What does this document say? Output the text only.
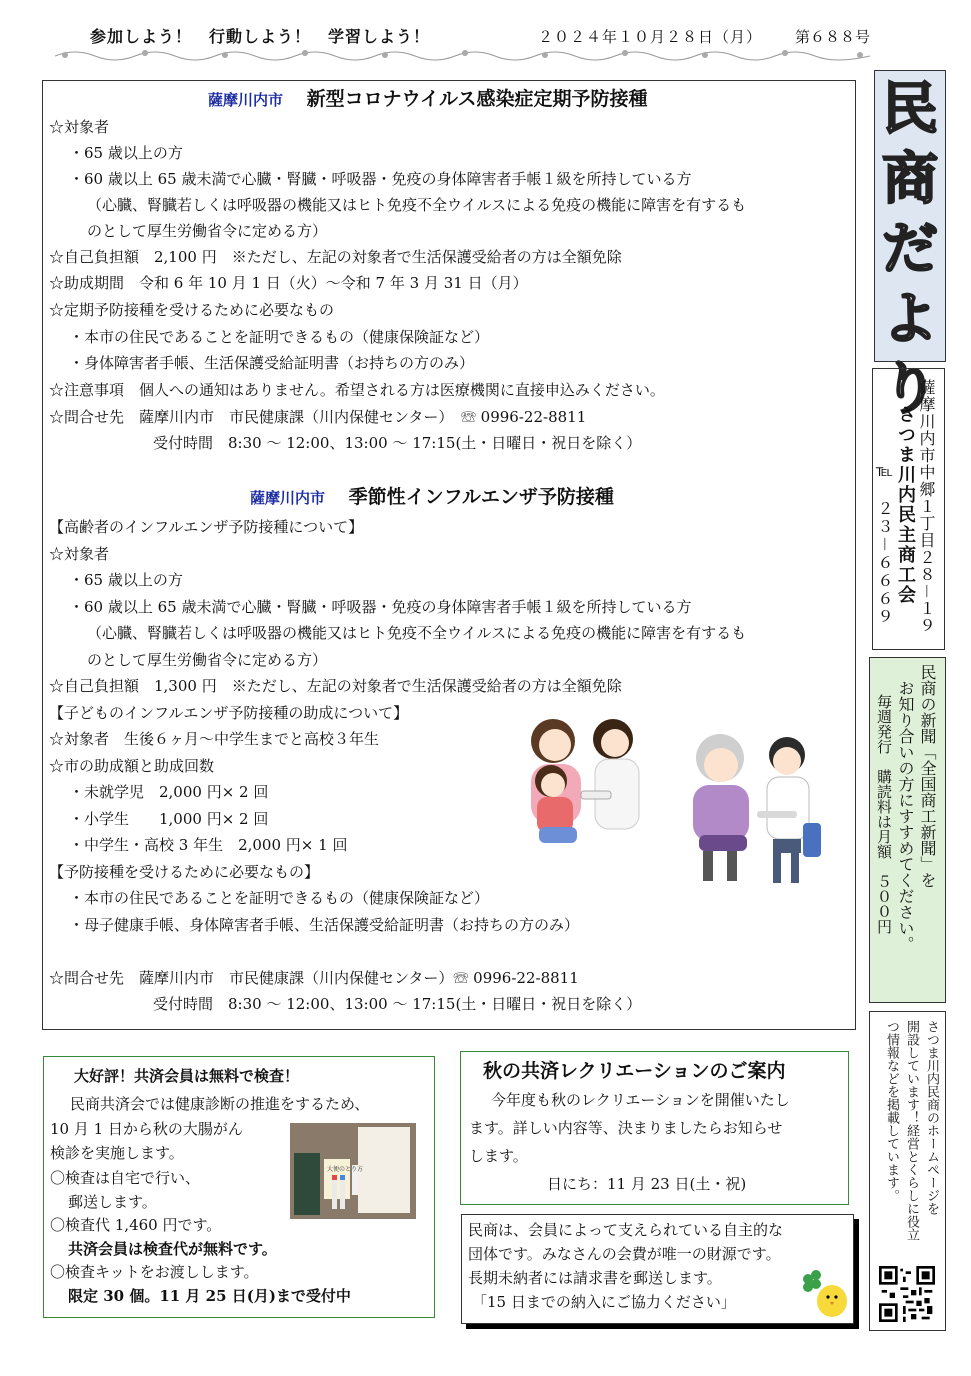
参加しよう！　行動しよう！　学習しよう！	２０２４年１０月２８日（月） 第６８８号
薩摩川内市 新型コロナウイルス感染症定期予防接種
☆対象者
・65 歳以上の方
・60 歳以上 65 歳未満で心臓・腎臓・呼吸器・免疫の身体障害者手帳１級を所持している方
（心臓、腎臓若しくは呼吸器の機能又はヒト免疫不全ウイルスによる免疫の機能に障害を有するも
のとして厚生労働省令に定める方）
☆自己負担額　2,100 円　※ただし、左記の対象者で生活保護受給者の方は全額免除
☆助成期間　令和 6 年 10 月 1 日（火）～令和 7 年 3 月 31 日（月）
☆定期予防接種を受けるために必要なもの
・本市の住民であることを証明できるもの（健康保険証など）
・身体障害者手帳、生活保護受給証明書（お持ちの方のみ）
☆注意事項　個人への通知はありません。希望される方は医療機関に直接申込みください。
☆問合せ先　薩摩川内市　市民健康課（川内保健センター）　☏ 0996-22-8811
受付時間　8:30 ～ 12:00、13:00 ～ 17:15(土・日曜日・祝日を除く）
薩摩川内市 季節性インフルエンザ予防接種
【高齢者のインフルエンザ予防接種について】
☆対象者
・65 歳以上の方
・60 歳以上 65 歳未満で心臓・腎臓・呼吸器・免疫の身体障害者手帳１級を所持している方
（心臓、腎臓若しくは呼吸器の機能又はヒト免疫不全ウイルスによる免疫の機能に障害を有するも
のとして厚生労働省令に定める方）
☆自己負担額　1,300 円　※ただし、左記の対象者で生活保護受給者の方は全額免除
【子どものインフルエンザ予防接種の助成について】
☆対象者　生後６ヶ月～中学生までと高校３年生
☆市の助成額と助成回数
・未就学児　2,000 円× 2 回
・小学生　　1,000 円× 2 回
・中学生・高校 3 年生　2,000 円× 1 回
【予防接種を受けるために必要なもの】
・本市の住民であることを証明できるもの（健康保険証など）
・母子健康手帳、身体障害者手帳、生活保護受給証明書（お持ちの方のみ）
☆問合せ先　薩摩川内市　市民健康課（川内保健センター）☏ 0996-22-8811
受付時間　8:30 ～ 12:00、13:00 ～ 17:15(土・日曜日・祝日を除く）
民
商
だ
よ
り
薩摩川内市中郷１丁目２８－１９
さつま川内民主商工会
℡　２３－６６６９
民商の新聞「全国商工新聞」を
お知り合いの方にすすめてください。
毎週発行　購読料は月額　５００円
さつま川内民商のホームページを
開設しています！経営とくらしに役立
つ情報などを掲載しています。
大好評！共済会員は無料で検査！
民商共済会では健康診断の推進をするため、
10 月 1 日から秋の大腸がん
検診を実施します。
〇検査は自宅で行い、
郵送します。
〇検査代 1,460 円です。
共済会員は検査代が無料です。
〇検査キットをお渡しします。
限定 30 個。11 月 25 日(月)まで受付中
大便のとり方
秋の共済レクリエーションのご案内
今年度も秋のレクリエーションを開催いたし
ます。詳しい内容等、決まりましたらお知らせ
します。
日にち：11 月 23 日(土・祝)
民商は、会員によって支えられている自主的な
団体です。みなさんの会費が唯一の財源です。
長期未納者には請求書を郵送します。
「15 日までの納入にご協力ください」
